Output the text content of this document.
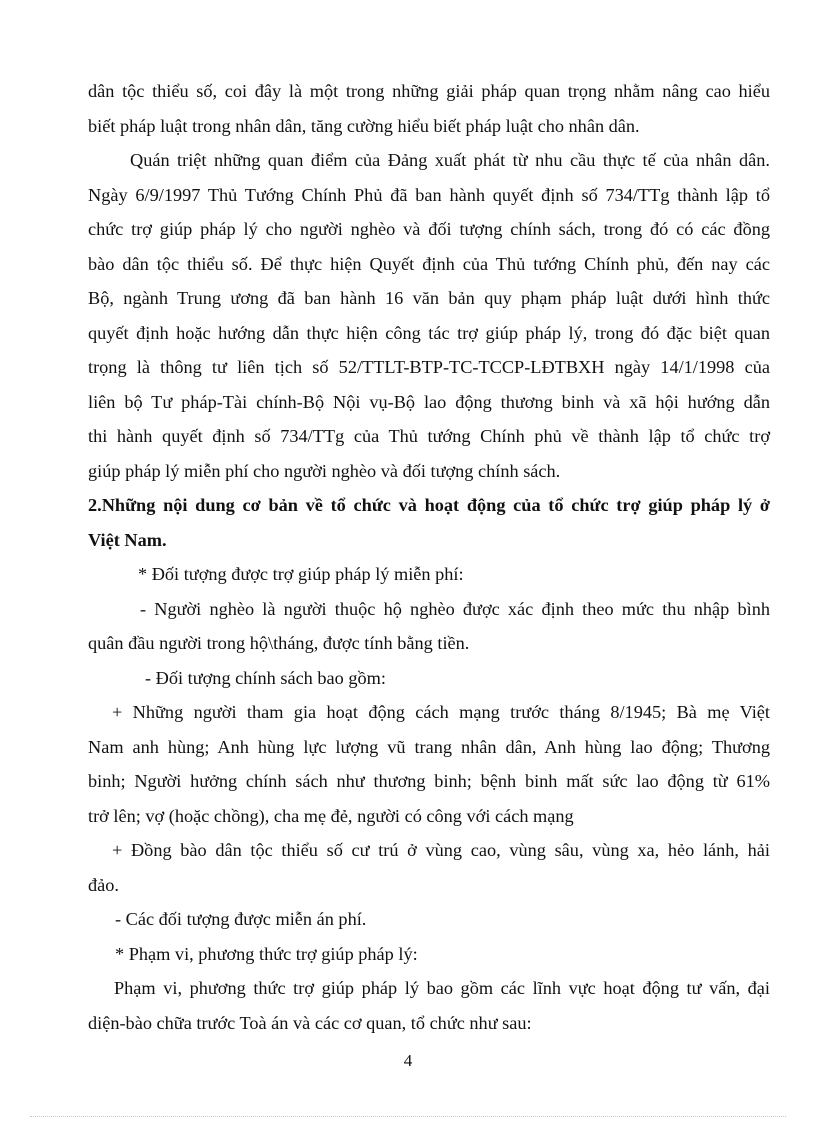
dân tộc thiểu số, coi đây là một trong những giải pháp quan trọng nhằm nâng cao hiểu
biết pháp luật trong nhân dân, tăng cường hiểu biết pháp luật cho nhân dân.
Quán triệt những quan điểm của Đảng xuất phát từ nhu cầu thực tế của nhân dân.
Ngày 6/9/1997 Thủ Tướng Chính Phủ đã ban hành quyết định số 734/TTg thành lập tổ
chức trợ giúp pháp lý cho người nghèo và đối tượng chính sách, trong đó có các đồng
bào dân tộc thiểu số. Để thực hiện Quyết định của Thủ tướng Chính phủ, đến nay các
Bộ, ngành Trung ương đã ban hành 16 văn bản quy phạm pháp luật dưới hình thức
quyết định hoặc hướng dẫn thực hiện công tác trợ giúp pháp lý, trong đó đặc biệt quan
trọng là thông tư liên tịch số 52/TTLT-BTP-TC-TCCP-LĐTBXH ngày 14/1/1998 của
liên bộ Tư pháp-Tài chính-Bộ Nội vụ-Bộ lao động thương binh và xã hội hướng dẫn
thi hành quyết định số 734/TTg của Thủ tướng Chính phủ về thành lập tổ chức trợ
giúp pháp lý miễn phí cho người nghèo và đối tượng chính sách.
2.Những nội dung cơ bản về tổ chức và hoạt động của tổ chức trợ giúp pháp lý ở
Việt Nam.
* Đối tượng được trợ giúp pháp lý miễn phí:
- Người nghèo là người thuộc hộ nghèo được xác định theo mức thu nhập bình
quân đầu người trong hộ\tháng, được tính bằng tiền.
- Đối tượng chính sách bao gồm:
+ Những người tham gia hoạt động cách mạng trước tháng 8/1945; Bà mẹ Việt
Nam anh hùng; Anh hùng lực lượng vũ trang nhân dân, Anh hùng lao động; Thương
binh; Người hưởng chính sách như thương binh; bệnh binh mất sức lao động từ 61%
trở lên; vợ (hoặc chồng), cha mẹ đẻ, người có công với cách mạng
+ Đồng bào dân tộc thiểu số cư trú ở vùng cao, vùng sâu, vùng xa, hẻo lánh, hải
đảo.
- Các đối tượng được miễn án phí.
* Phạm vi, phương thức trợ giúp pháp lý:
Phạm vi, phương thức trợ giúp pháp lý bao gồm các lĩnh vực hoạt động tư vấn, đại
diện-bào chữa trước Toà án và các cơ quan, tổ chức như sau:
4
